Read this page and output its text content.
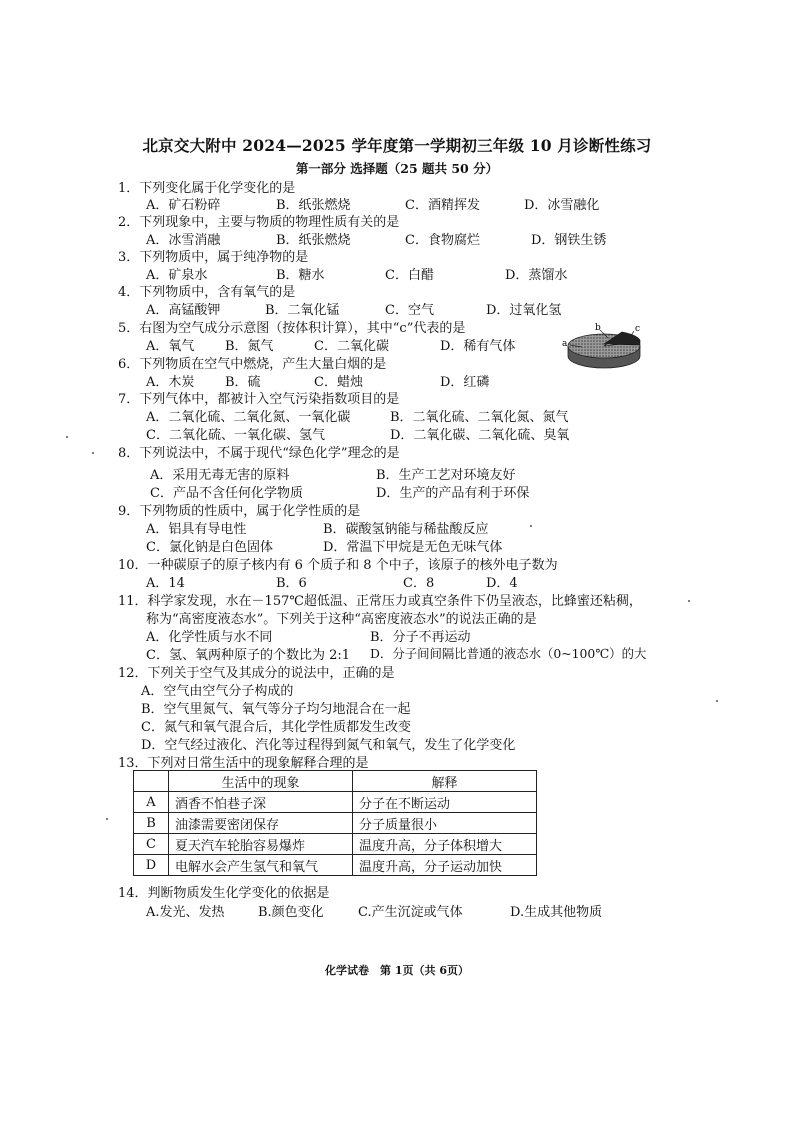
北京交大附中 2024—2025 学年度第一学期初三年级 10 月诊断性练习
第一部分 选择题（25 题共 50 分）
1．下列变化属于化学变化的是
A．矿石粉碎	B．纸张燃烧	C．酒精挥发	D．冰雪融化
2．下列现象中，主要与物质的物理性质有关的是
A．冰雪消融	B．纸张燃烧	C．食物腐烂	D．钢铁生锈
3．下列物质中，属于纯净物的是
A．矿泉水	B．糖水	C．白醋	D．蒸馏水
4．下列物质中，含有氧气的是
A．高锰酸钾	B．二氧化锰	C．空气	D．过氧化氢
5．右图为空气成分示意图（按体积计算），其中“c”代表的是
A．氧气 B．氮气	C．二氧化碳	D．稀有气体	a
b	c
6．下列物质在空气中燃烧，产生大量白烟的是
A．木炭 B．硫	C．蜡烛	D．红磷
7．下列气体中，都被计入空气污染指数项目的是
A．二氧化硫、二氧化氮、一氧化碳	B．二氧化硫、二氧化氮、氮气
C．二氧化硫、一氧化碳、氢气	D．二氧化碳、二氧化硫、臭氧
8．下列说法中，不属于现代“绿色化学”理念的是
A．采用无毒无害的原料	B．生产工艺对环境友好
C．产品不含任何化学物质	D．生产的产品有利于环保
9．下列物质的性质中，属于化学性质的是
A．铝具有导电性	B．碳酸氢钠能与稀盐酸反应
C．氯化钠是白色固体	D．常温下甲烷是无色无味气体
10．一种碳原子的原子核内有 6 个质子和 8 个中子，该原子的核外电子数为
A．14	B．6	C．8	D．4
11．科学家发现，水在－157℃超低温、正常压力或真空条件下仍呈液态，比蜂蜜还粘稠，
称为“高密度液态水”。下列关于这种“高密度液态水”的说法正确的是
A．化学性质与水不同	B．分子不再运动
C．氢、氧两种原子的个数比为 2:1 D．分子间间隔比普通的液态水（0~100℃）的大
12．下列关于空气及其成分的说法中，正确的是
A．空气由空气分子构成的
B．空气里氮气、氧气等分子均匀地混合在一起
C．氮气和氧气混合后，其化学性质都发生改变
D．空气经过液化、汽化等过程得到氮气和氧气，发生了化学变化
13．下列对日常生活中的现象解释合理的是
	生活中的现象	解释
A	酒香不怕巷子深	分子在不断运动
B	油漆需要密闭保存	分子质量很小
C	夏天汽车轮胎容易爆炸	温度升高，分子体积增大
D	电解水会产生氢气和氧气	温度升高，分子运动加快
14．判断物质发生化学变化的依据是
A.发光、发热	B.颜色变化	C.产生沉淀或气体	D.生成其他物质
化学试卷　第 1页（共 6页）
